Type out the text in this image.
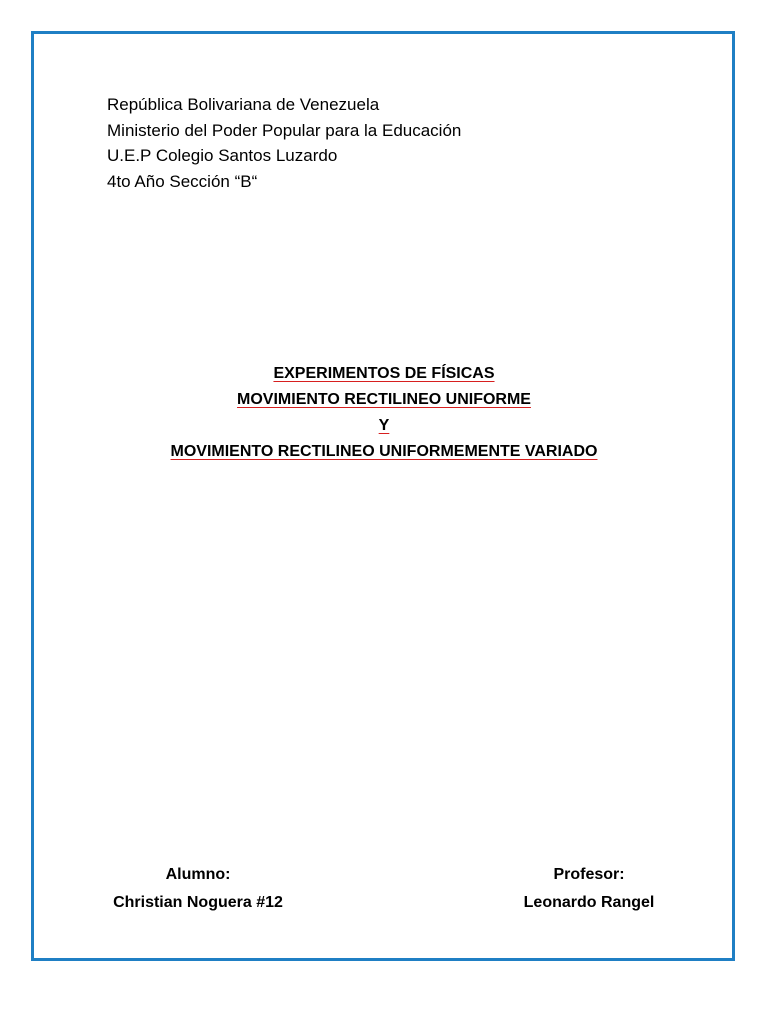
República Bolivariana de Venezuela
Ministerio del Poder Popular para la Educación
U.E.P Colegio Santos Luzardo
4to Año Sección “B“
EXPERIMENTOS DE FÍSICAS
MOVIMIENTO RECTILINEO UNIFORME
Y
MOVIMIENTO RECTILINEO UNIFORMEMENTE VARIADO
Alumno:
Christian Noguera #12
Profesor:
Leonardo Rangel
